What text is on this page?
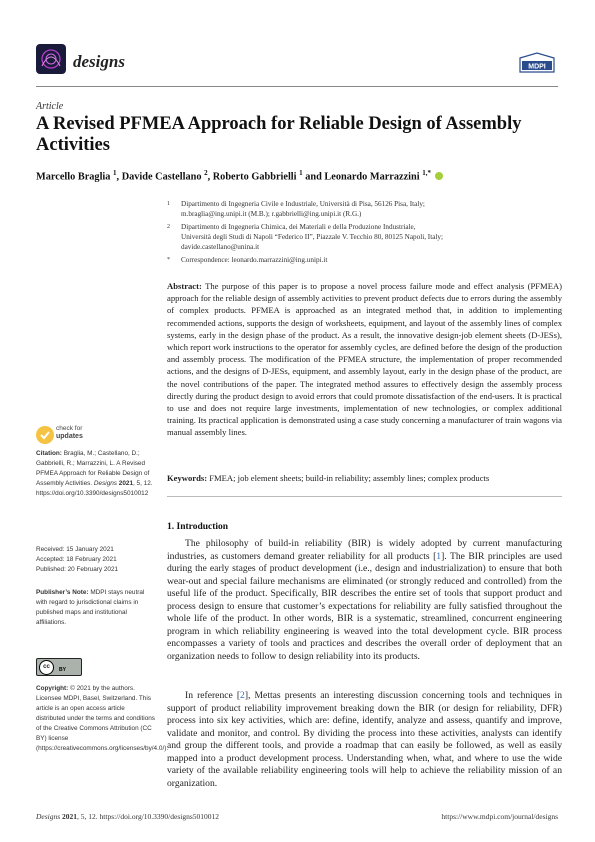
designs	MDPI
Article
A Revised PFMEA Approach for Reliable Design of Assembly Activities
Marcello Braglia $^1$, Davide Castellano $^2$, Roberto Gabbrielli $^1$ and Leonardo Marrazzini $^{1,*}$
1 Dipartimento di Ingegneria Civile e Industriale, Università di Pisa, 56126 Pisa, Italy;
m.braglia@ing.unipi.it (M.B.); r.gabbrielli@ing.unipi.it (R.G.)
2 Dipartimento di Ingegneria Chimica, dei Materiali e della Produzione Industriale,
Università degli Studi di Napoli “Federico II”, Piazzale V. Tecchio 80, 80125 Napoli, Italy;
davide.castellano@unina.it
* Correspondence: leonardo.marrazzini@ing.unipi.it
Abstract: The purpose of this paper is to propose a novel process failure mode and effect analysis (PFMEA) approach for the reliable design of assembly activities to prevent product defects due to errors during the assembly of complex products. PFMEA is approached as an integrated method that, in addition to implementing recommended actions, supports the design of worksheets, equipment, and layout of the assembly lines of complex systems, early in the design phase of the product. As a result, the innovative design-job element sheets (D-JESs), which report work instructions to the operator for assembly cycles, are defined before the design of the production and assembly process. The modification of the PFMEA structure, the implementation of proper recommended actions, and the designs of D-JESs, equipment, and assembly layout, early in the design phase of the product, are the novel contributions of the paper. The integrated method assures to effectively design the assembly process directly during the product design to avoid errors that could promote dissatisfaction of the end-users. It is practical to use and does not require large investments, implementation of new technologies, or complex additional training. Its practical application is demonstrated using a case study concerning a manufacturer of train wagons via manual assembly lines.
Keywords: FMEA; job element sheets; build-in reliability; assembly lines; complex products
check for
updates
Citation: Braglia, M.; Castellano, D.; Gabbrielli, R.; Marrazzini, L. A Revised PFMEA Approach for Reliable Design of Assembly Activities. Designs 2021, 5, 12. https://doi.org/10.3390/designs5010012
Received: 15 January 2021
Accepted: 18 February 2021
Published: 20 February 2021
Publisher’s Note: MDPI stays neutral with regard to jurisdictional claims in published maps and institutional affiliations.
cc	BY
Copyright: © 2021 by the authors. Licensee MDPI, Basel, Switzerland. This article is an open access article distributed under the terms and conditions of the Creative Commons Attribution (CC BY) license (https://creativecommons.org/licenses/by/4.0/).
1. Introduction
The philosophy of build-in reliability (BIR) is widely adopted by current manufacturing industries, as customers demand greater reliability for all products [1]. The BIR principles are used during the early stages of product development (i.e., design and industrialization) to ensure that both wear-out and special failure mechanisms are eliminated (or strongly reduced and controlled) from the useful life of the product. Specifically, BIR describes the entire set of tools that support product and process design to ensure that customer’s expectations for reliability are fully satisfied throughout the whole life of the product. In other words, BIR is a systematic, streamlined, concurrent engineering program in which reliability engineering is weaved into the total development cycle. BIR process encompasses a variety of tools and practices and describes the overall order of deployment that an organization needs to follow to design reliability into its products.
In reference [2], Mettas presents an interesting discussion concerning tools and techniques in support of product reliability improvement breaking down the BIR (or design for reliability, DFR) process into six key activities, which are: define, identify, analyze and assess, quantify and improve, validate and monitor, and control. By dividing the process into these activities, analysts can identify and group the different tools, and provide a roadmap that can easily be followed, as well as easily mapped into a product development process. Understanding when, what, and where to use the wide variety of the available reliability engineering tools will help to achieve the reliability mission of an organization.
Designs 2021, 5, 12. https://doi.org/10.3390/designs5010012	https://www.mdpi.com/journal/designs
